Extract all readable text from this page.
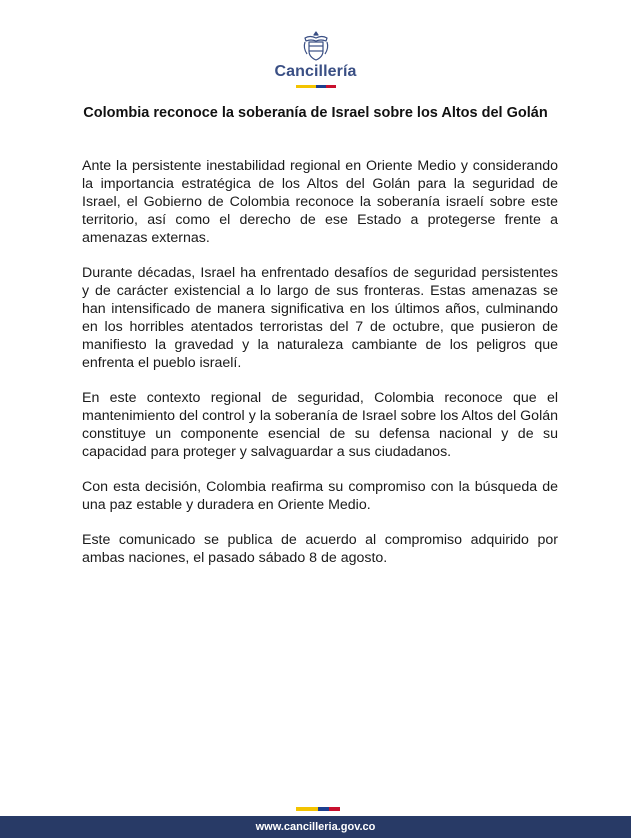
Cancillería
Colombia reconoce la soberanía de Israel sobre los Altos del Golán

Ante la persistente inestabilidad regional en Oriente Medio y considerando la importancia estratégica de los Altos del Golán para la seguridad de Israel, el Gobierno de Colombia reconoce la soberanía israelí sobre este territorio, así como el derecho de ese Estado a protegerse frente a amenazas externas.

Durante décadas, Israel ha enfrentado desafíos de seguridad persistentes y de carácter existencial a lo largo de sus fronteras. Estas amenazas se han intensificado de manera significativa en los últimos años, culminando en los horribles atentados terroristas del 7 de octubre, que pusieron de manifiesto la gravedad y la naturaleza cambiante de los peligros que enfrenta el pueblo israelí.

En este contexto regional de seguridad, Colombia reconoce que el mantenimiento del control y la soberanía de Israel sobre los Altos del Golán constituye un componente esencial de su defensa nacional y de su capacidad para proteger y salvaguardar a sus ciudadanos.

Con esta decisión, Colombia reafirma su compromiso con la búsqueda de una paz estable y duradera en Oriente Medio.

Este comunicado se publica de acuerdo al compromiso adquirido por ambas naciones, el pasado sábado 8 de agosto.

www.cancilleria.gov.co
